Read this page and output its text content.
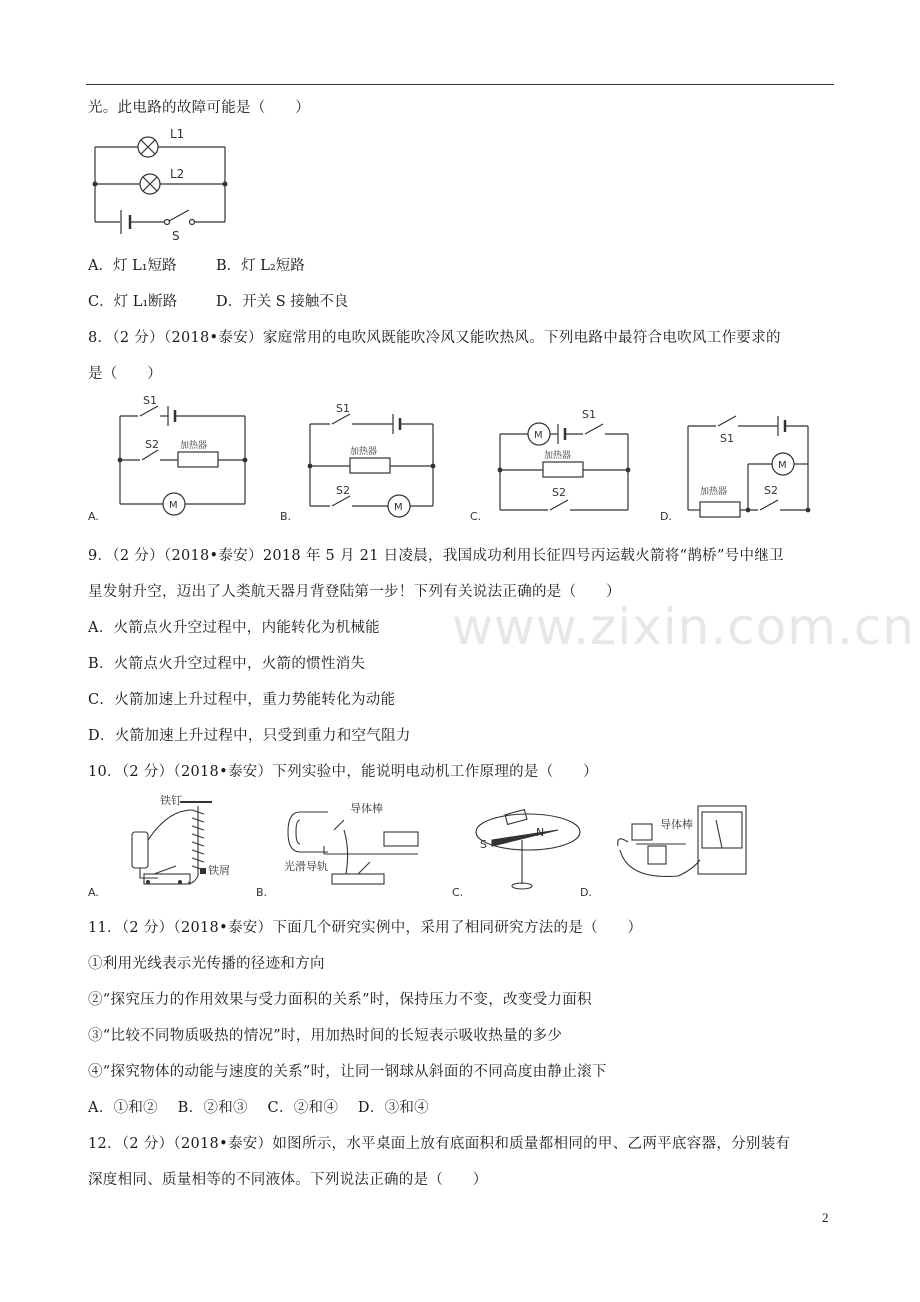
光。此电路的故障可能是（　　）
L1
L2
S
A．灯 L₁短路	B．灯 L₂短路
C．灯 L₁断路	D．开关 S 接触不良
8．（2 分）（2018•泰安）家庭常用的电吹风既能吹冷风又能吹热风。下列电路中最符合电吹风工作要求的
是（　　）
A.	B.	C.	D.
S1
S2 加热器
M
S1
加热器
S2
M
M
S1
加热器
S2
S1
M
加热器	S2
9．（2 分）（2018•泰安）2018 年 5 月 21 日凌晨，我国成功利用长征四号丙运载火箭将“鹊桥”号中继卫
星发射升空，迈出了人类航天器月背登陆第一步！下列有关说法正确的是（　　）
A．火箭点火升空过程中，内能转化为机械能
B．火箭点火升空过程中，火箭的惯性消失
C．火箭加速上升过程中，重力势能转化为动能
D．火箭加速上升过程中，只受到重力和空气阻力
www.zixin.com.cn
10．（2 分）（2018•泰安）下列实验中，能说明电动机工作原理的是（　　）
A.	B.	C.	D.
铁钉
铁屑
导体棒
光滑导轨
N
S
导体棒
11．（2 分）（2018•泰安）下面几个研究实例中，采用了相同研究方法的是（　　）
①利用光线表示光传播的径迹和方向
②“探究压力的作用效果与受力面积的关系”时，保持压力不变，改变受力面积
③“比较不同物质吸热的情况”时，用加热时间的长短表示吸收热量的多少
④“探究物体的动能与速度的关系”时，让同一钢球从斜面的不同高度由静止滚下
A．①和②　 B．②和③　 C．②和④　 D．③和④
12．（2 分）（2018•泰安）如图所示，水平桌面上放有底面积和质量都相同的甲、乙两平底容器，分别装有
深度相同、质量相等的不同液体。下列说法正确的是（　　）
2
